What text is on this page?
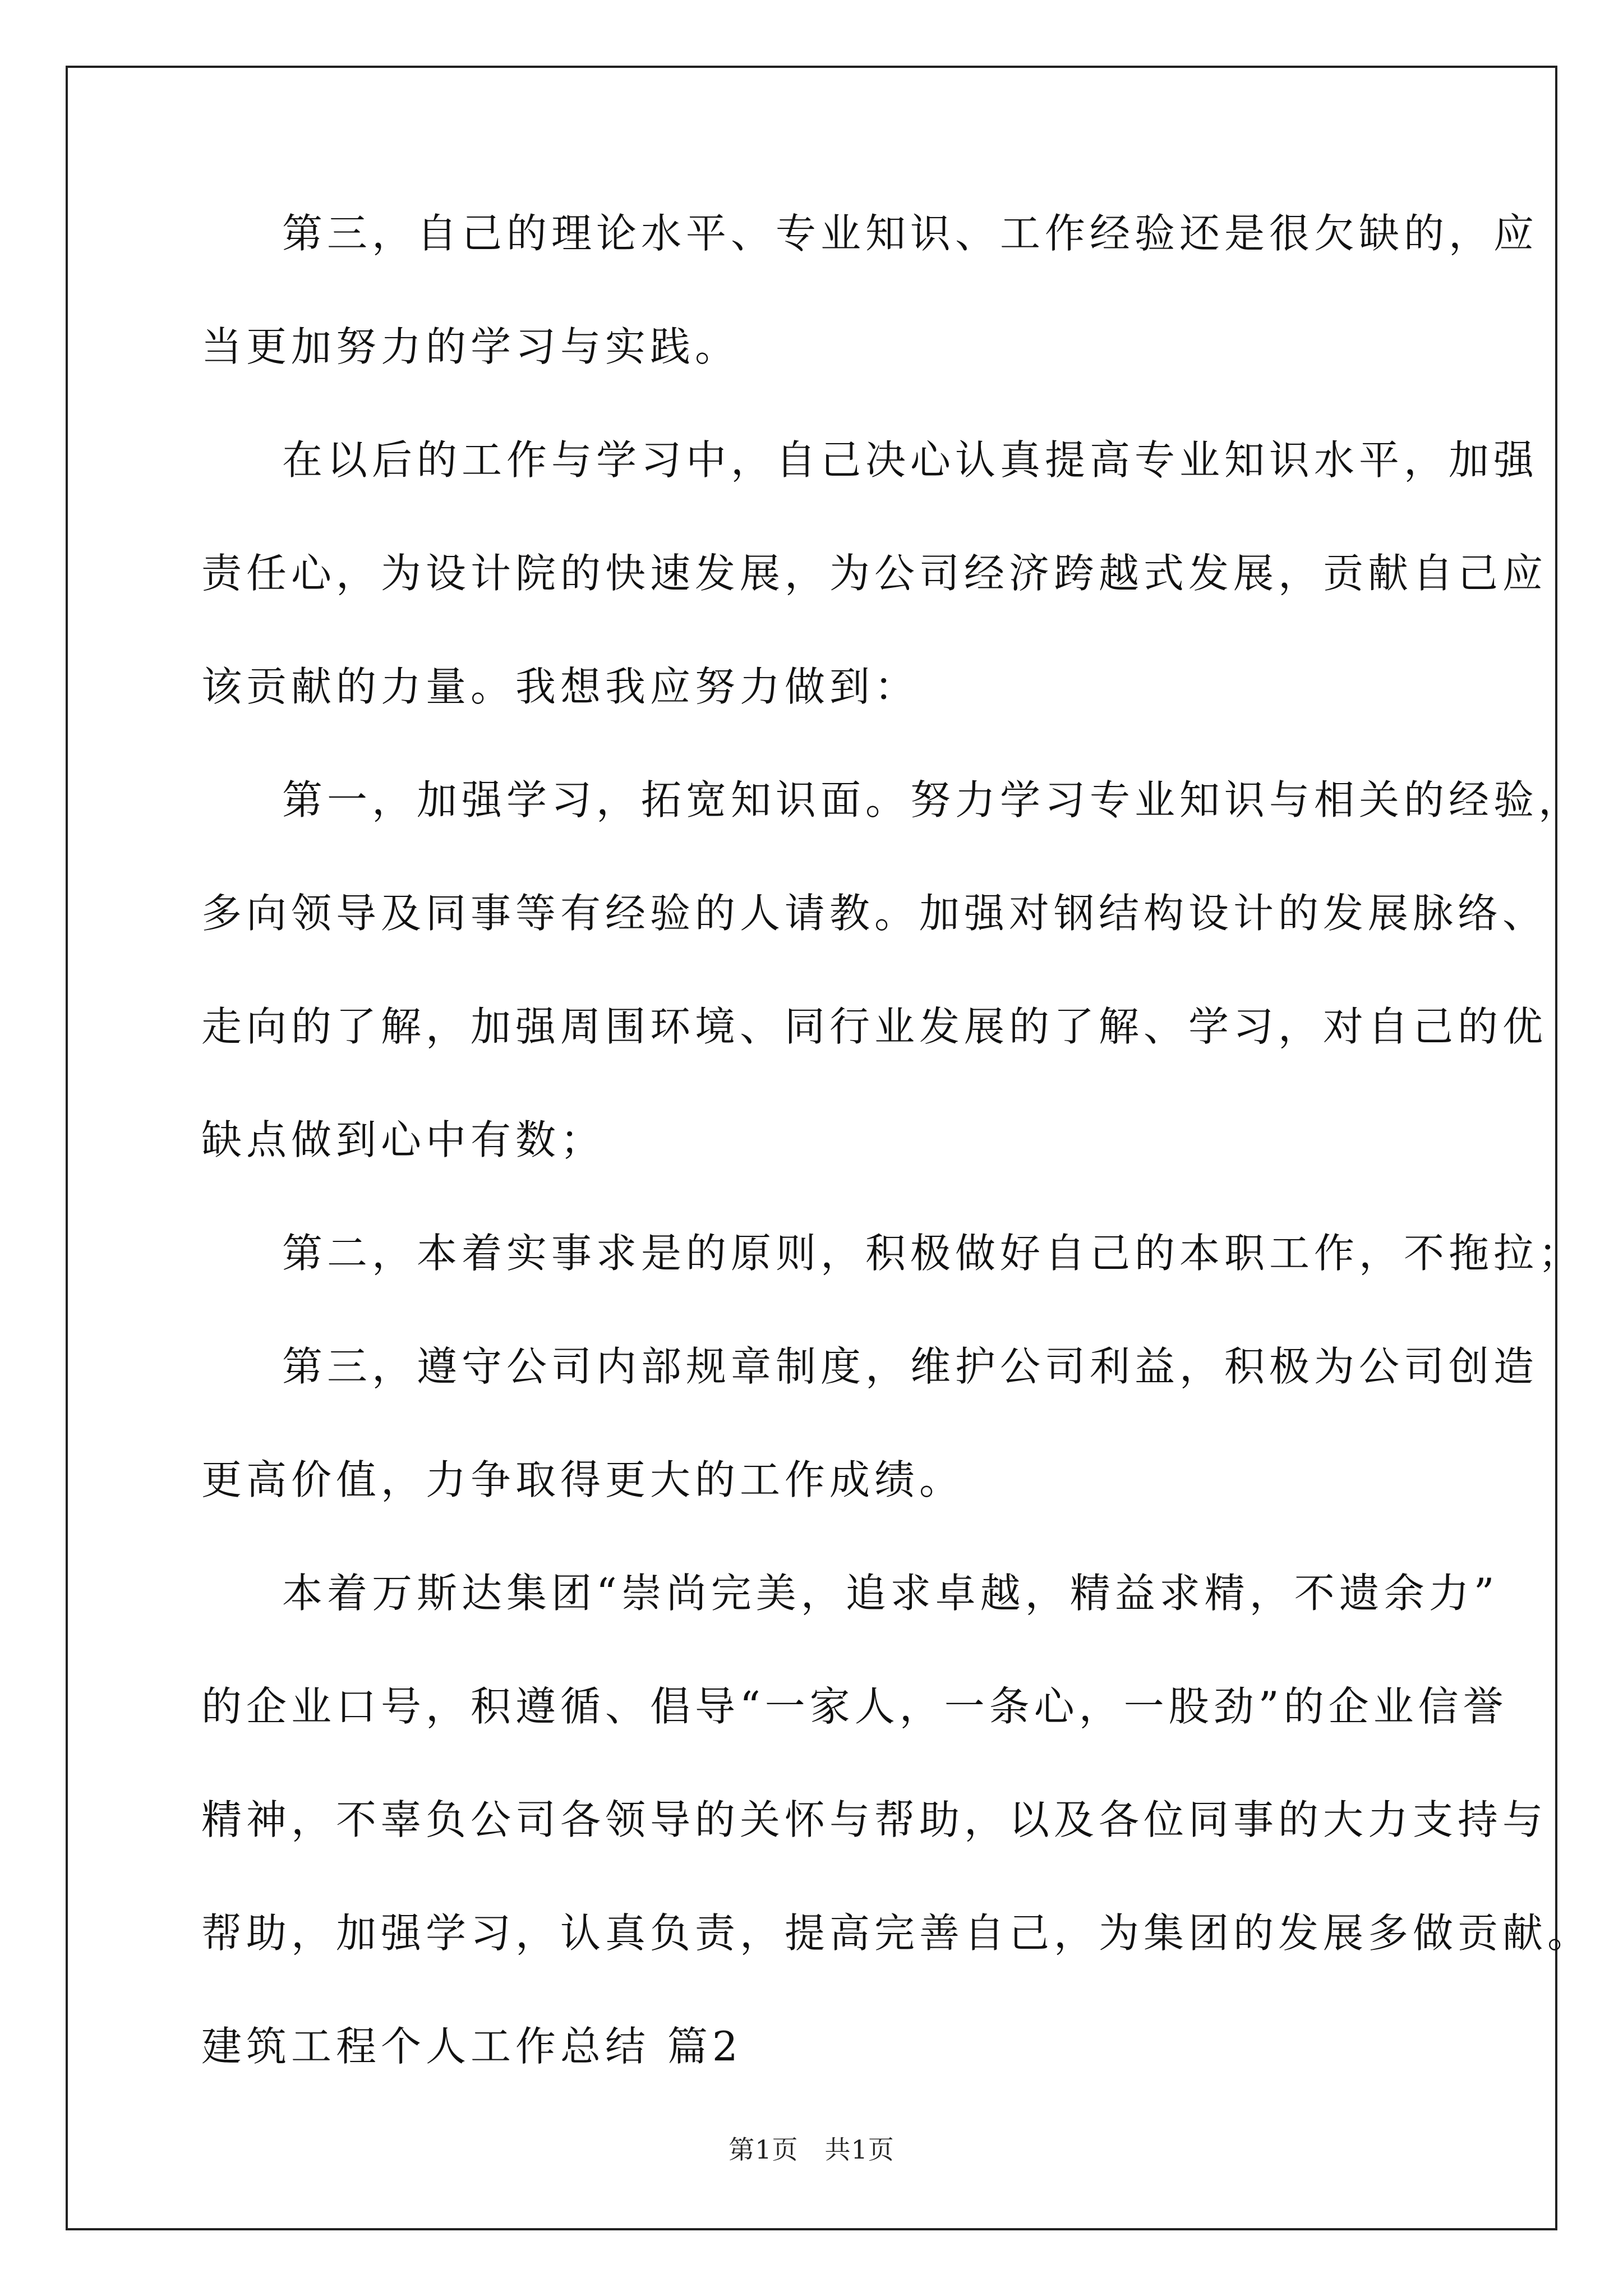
第三，自己的理论水平、专业知识、工作经验还是很欠缺的，应
当更加努力的学习与实践。
在以后的工作与学习中，自己决心认真提高专业知识水平，加强
责任心，为设计院的快速发展，为公司经济跨越式发展，贡献自己应
该贡献的力量。我想我应努力做到：
第一，加强学习，拓宽知识面。努力学习专业知识与相关的经验，
多向领导及同事等有经验的人请教。加强对钢结构设计的发展脉络、
走向的了解，加强周围环境、同行业发展的了解、学习，对自己的优
缺点做到心中有数；
第二，本着实事求是的原则，积极做好自己的本职工作，不拖拉；
第三，遵守公司内部规章制度，维护公司利益，积极为公司创造
更高价值，力争取得更大的工作成绩。
本着万斯达集团“崇尚完美，追求卓越，精益求精，不遗余力”
的企业口号，积遵循、倡导“一家人，一条心，一股劲”的企业信誉
精神，不辜负公司各领导的关怀与帮助，以及各位同事的大力支持与
帮助，加强学习，认真负责，提高完善自己，为集团的发展多做贡献。
建筑工程个人工作总结 篇2
第1页　共1页
